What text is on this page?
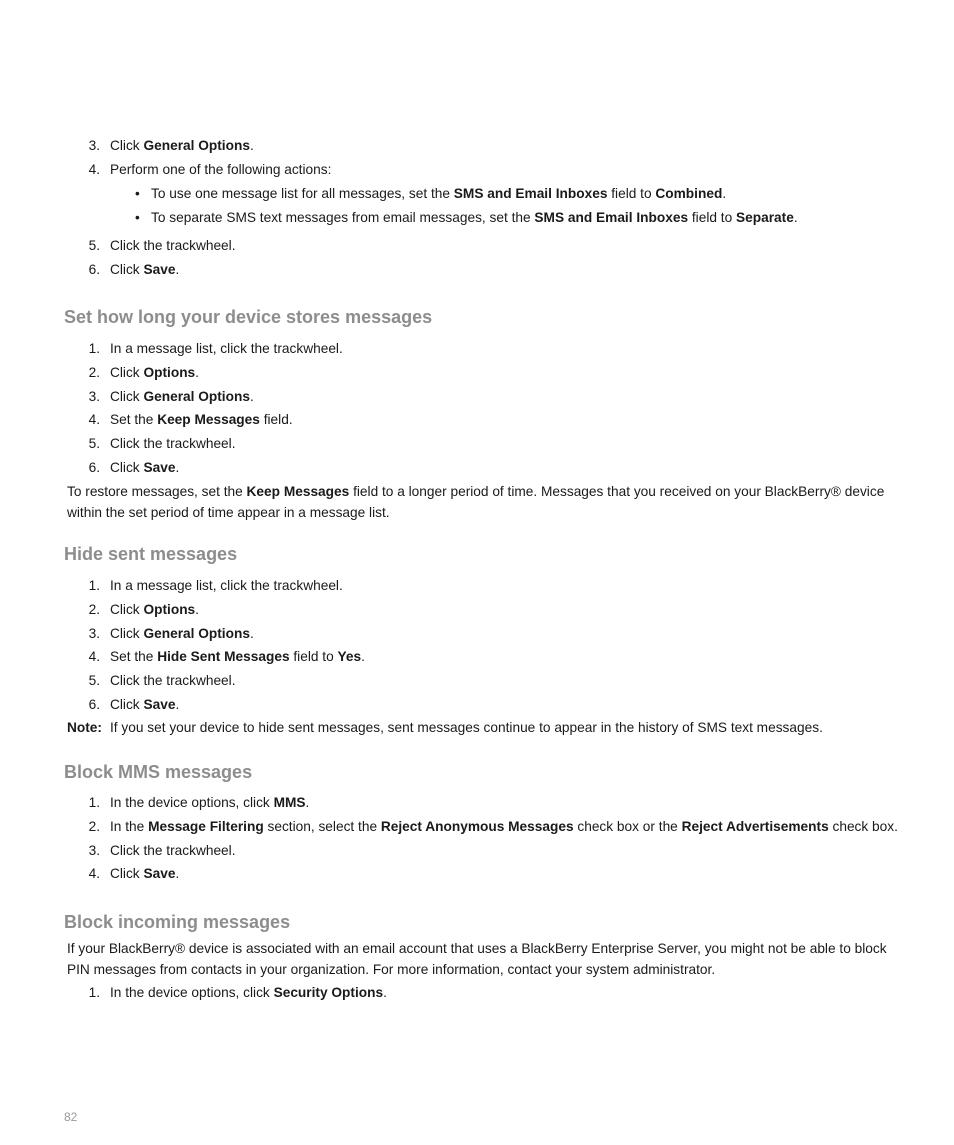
3. Click General Options.
4. Perform one of the following actions:
• To use one message list for all messages, set the SMS and Email Inboxes field to Combined.
• To separate SMS text messages from email messages, set the SMS and Email Inboxes field to Separate.
5. Click the trackwheel.
6. Click Save.
Set how long your device stores messages
1. In a message list, click the trackwheel.
2. Click Options.
3. Click General Options.
4. Set the Keep Messages field.
5. Click the trackwheel.
6. Click Save.

To restore messages, set the Keep Messages field to a longer period of time. Messages that you received on your BlackBerry® device within the set period of time appear in a message list.

Hide sent messages
1. In a message list, click the trackwheel.
2. Click Options.
3. Click General Options.
4. Set the Hide Sent Messages field to Yes.
5. Click the trackwheel.
6. Click Save.

Note: If you set your device to hide sent messages, sent messages continue to appear in the history of SMS text messages.

Block MMS messages
1. In the device options, click MMS.
2. In the Message Filtering section, select the Reject Anonymous Messages check box or the Reject Advertisements check box.
3. Click the trackwheel.
4. Click Save.
Block incoming messages

If your BlackBerry® device is associated with an email account that uses a BlackBerry Enterprise Server, you might not be able to block PIN messages from contacts in your organization. For more information, contact your system administrator.

1. In the device options, click Security Options.
82
